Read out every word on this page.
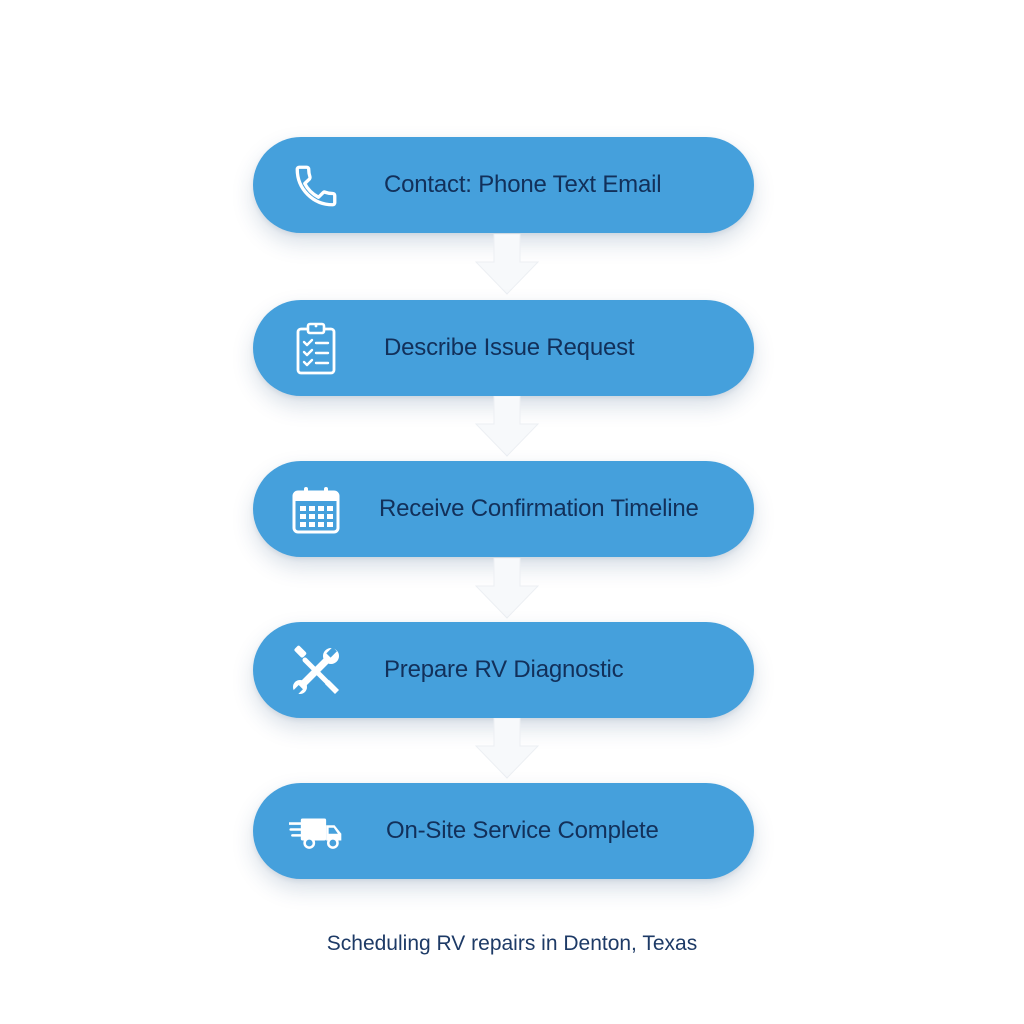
Contact: Phone Text Email
Describe Issue Request
Receive Confirmation Timeline
Prepare RV Diagnostic
On-Site Service Complete
Scheduling RV repairs in Denton, Texas
